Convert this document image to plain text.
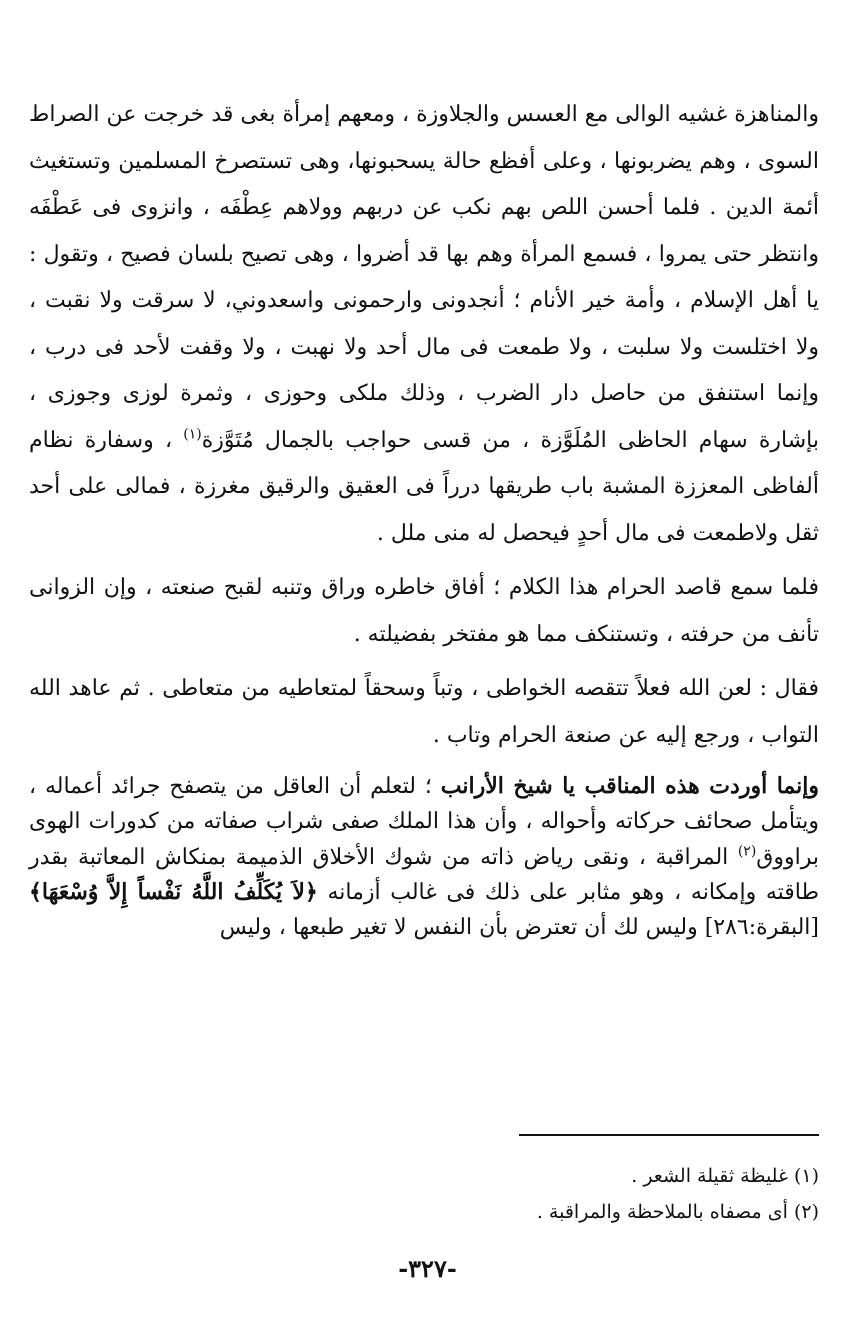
والمناهزة غشيه الوالى مع العسس والجلاوزة ، ومعهم إمرأة بغى قد خرجت عن الصراط السوى ، وهم يضربونها ، وعلى أفظع حالة يسحبونها، وهى تستصرخ المسلمين وتستغيث أئمة الدين . فلما أحسن اللص بهم نكب عن دربهم وولاهم عِطْفَه ، وانزوى فى عَطْفَه وانتظر حتى يمروا ، فسمع المرأة وهم بها قد أضروا ، وهى تصيح بلسان فصيح ، وتقول : يا أهل الإسلام ، وأمة خير الأنام ؛ أنجدونى وارحمونى واسعدوني، لا سرقت ولا نقبت ، ولا اختلست ولا سلبت ، ولا طمعت فى مال أحد ولا نهبت ، ولا وقفت لأحد فى درب ، وإنما استنفق من حاصل دار الضرب ، وذلك ملكى وحوزى ، وثمرة لوزى وجوزى ، بإشارة سهام الحاظى المُلَوَّزة ، من قسى حواجب بالجمال مُتَوَّزة$^{(١)}$ ، وسفارة نظام ألفاظى المعززة المشبة باب طريقها درراً فى العقيق والرقيق مغرزة ، فمالى على أحد ثقل ولاطمعت فى مال أحدٍ فيحصل له منى ملل .

فلما سمع قاصد الحرام هذا الكلام ؛ أفاق خاطره وراق وتنبه لقبح صنعته ، وإن الزوانى تأنف من حرفته ، وتستنكف مما هو مفتخر بفضيلته .

فقال : لعن الله فعلاً تتقصه الخواطى ، وتباً وسحقاً لمتعاطيه من متعاطى . ثم عاهد الله التواب ، ورجع إليه عن صنعة الحرام وتاب .

وإنما أوردت هذه المناقب يا شيخ الأرانب ؛ لتعلم أن العاقل من يتصفح جرائد أعماله ، ويتأمل صحائف حركاته وأحواله ، وأن هذا الملك صفى شراب صفاته من كدورات الهوى براووق$^{(٢)}$ المراقبة ، ونقى رياض ذاته من شوك الأخلاق الذميمة بمنكاش المعاتبة بقدر طاقته وإمكانه ، وهو مثابر على ذلك فى غالب أزمانه ﴿لاَ يُكَلِّفُ اللَّهُ نَفْساً إِلاَّ وُسْعَهَا﴾ [البقرة:٢٨٦] وليس لك أن تعترض بأن النفس لا تغير طبعها ، وليس

(١) غليظة ثقيلة الشعر .

(٢) أى مصفاه بالملاحظة والمراقبة .

-٣٢٧-
